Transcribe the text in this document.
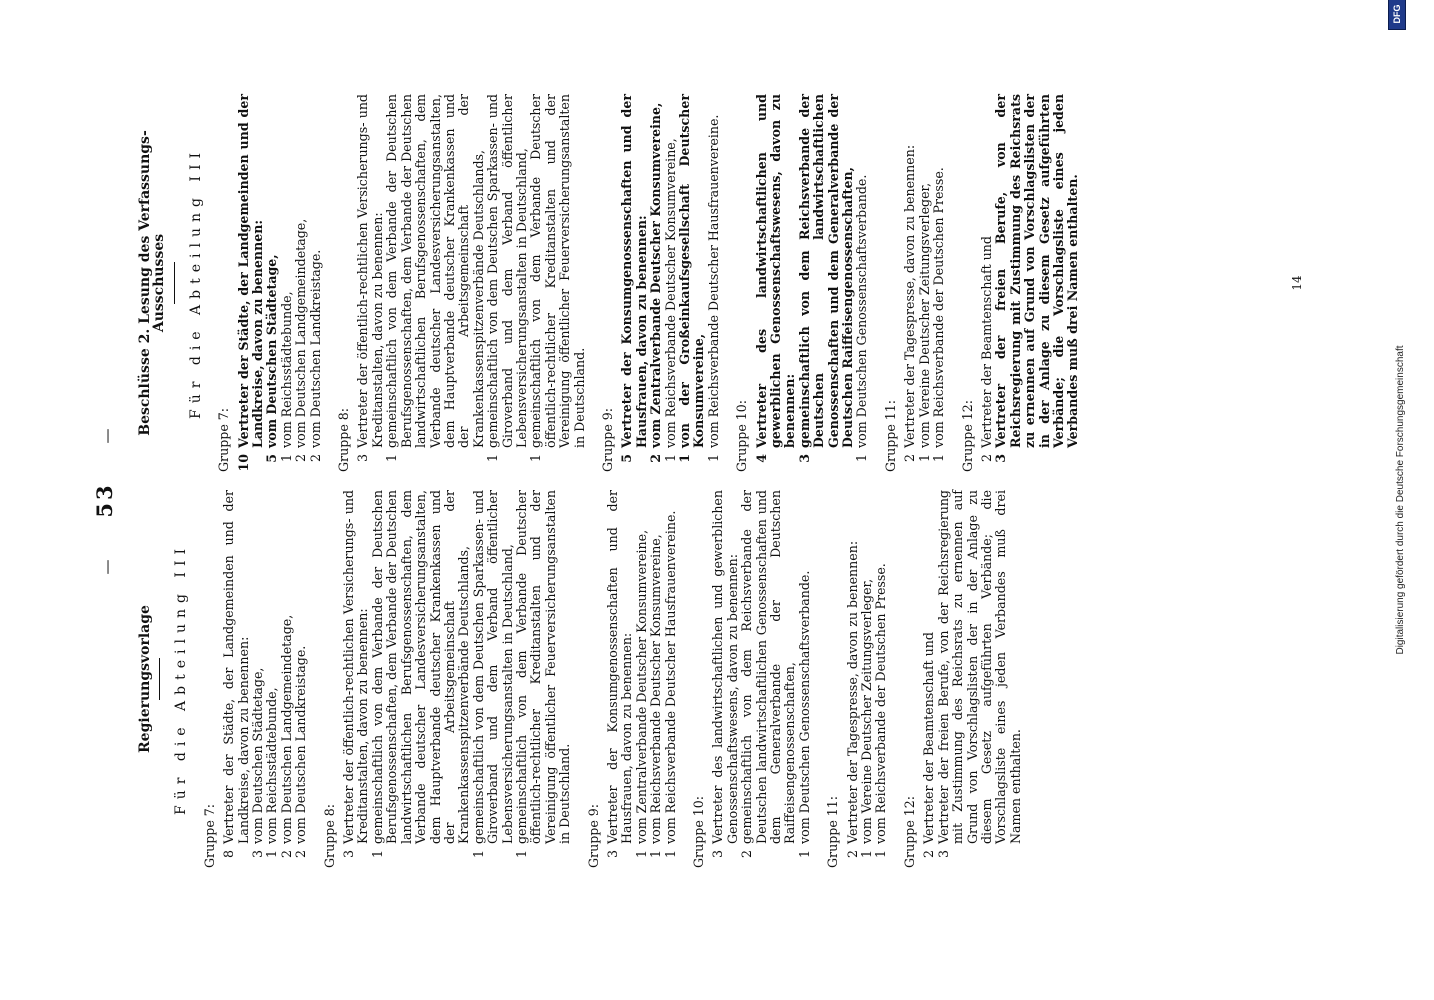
—     53     —
Regierungsvorlage Für die Abteilung III
Gruppe 7: 8
Vertreter der Städte, der Landgemeinden und der Landkreise, davon zu benennen:
3
vom Deutschen Städtetage,
1
vom Reichsstädtebunde,
2
vom Deutschen Landgemeindetage,
2
vom Deutschen Landkreistage. Gruppe 8: 3
Vertreter der öffentlich-rechtlichen Versicherungs- und Kreditanstalten, davon zu benennen:
1
gemeinschaftlich von dem Verbande der Deutschen Berufsgenossenschaften, dem Verbande der Deutschen landwirtschaftlichen Berufsgenossenschaften, dem Verbande deutscher Landesversicherungsanstalten, dem Hauptverbande deutscher Krankenkassen und der Arbeitsgemeinschaft der Krankenkassenspitzenverbände Deutschlands,
1
gemeinschaftlich von dem Deutschen Sparkassen- und Giroverband und dem Verband öffentlicher Lebensversicherungsanstalten in Deutschland,
1
gemeinschaftlich von dem Verbande Deutscher öffentlich-rechtlicher Kreditanstalten und der Vereinigung öffentlicher Feuerversicherungsanstalten in Deutschland. Gruppe 9: 3
Vertreter der Konsumgenossenschaften und der Hausfrauen, davon zu benennen:
1
vom Zentralverbande Deutscher Konsumvereine,
1
vom Reichsverbande Deutscher Konsumvereine,
1
vom Reichsverbande Deutscher Hausfrauenvereine. Gruppe 10: 3
Vertreter des landwirtschaftlichen und gewerblichen Genossenschaftswesens, davon zu benennen:
2
gemeinschaftlich von dem Reichsverbande der Deutschen landwirtschaftlichen Genossenschaften und dem Generalverbande der Deutschen Raiffeisengenossenschaften,
1
vom Deutschen Genossenschaftsverbande. Gruppe 11: 2
Vertreter der Tagespresse, davon zu benennen:
1
vom Vereine Deutscher Zeitungsverleger,
1
vom Reichsverbande der Deutschen Presse. Gruppe 12: 2
Vertreter der Beamtenschaft und
3
Vertreter der freien Berufe, von der Reichsregierung mit Zustimmung des Reichsrats zu ernennen auf Grund von Vorschlagslisten der in der Anlage zu diesem Gesetz aufgeführten Verbände; die Vorschlagsliste eines jeden Verbandes muß drei Namen enthalten.
Beschlüsse 2. Lesung des Verfassungs-Ausschusses Für die Abteilung III
Gruppe 7: 10
Vertreter der Städte, der Landgemeinden und der Landkreise, davon zu benennen:
5
vom Deutschen Städtetage,
1
vom Reichsstädtebunde,
2
vom Deutschen Landgemeindetage,
2
vom Deutschen Landkreistage. Gruppe 8: 3
Vertreter der öffentlich-rechtlichen Versicherungs- und Kreditanstalten, davon zu benennen:
1
gemeinschaftlich von dem Verbande der Deutschen Berufsgenossenschaften, dem Verbande der Deutschen landwirtschaftlichen Berufsgenossenschaften, dem Verbande deutscher Landesversicherungsanstalten, dem Hauptverbande deutscher Krankenkassen und der Arbeitsgemeinschaft der Krankenkassenspitzenverbände Deutschlands,
1
gemeinschaftlich von dem Deutschen Sparkassen- und Giroverband und dem Verband öffentlicher Lebensversicherungsanstalten in Deutschland,
1
gemeinschaftlich von dem Verbande Deutscher öffentlich-rechtlicher Kreditanstalten und der Vereinigung öffentlicher Feuerversicherungsanstalten in Deutschland. Gruppe 9: 5
Vertreter der Konsumgenossenschaften und der Hausfrauen, davon zu benennen:
2
vom Zentralverbande Deutscher Konsumvereine,
1
vom Reichsverbande Deutscher Konsumvereine,
1
von der Großeinkaufsgesellschaft Deutscher Konsumvereine,
1
vom Reichsverbande Deutscher Hausfrauenvereine. Gruppe 10: 4
Vertreter des landwirtschaftlichen und gewerblichen Genossenschaftswesens, davon zu benennen:
3
gemeinschaftlich von dem Reichsverbande der Deutschen landwirtschaftlichen Genossenschaften und dem Generalverbande der Deutschen Raiffeisengenossenschaften,
1
vom Deutschen Genossenschaftsverbande. Gruppe 11: 2
Vertreter der Tagespresse, davon zu benennen:
1
vom Vereine Deutscher Zeitungsverleger,
1
vom Reichsverbande der Deutschen Presse. Gruppe 12: 2
Vertreter der Beamtenschaft und
3
Vertreter der freien Berufe, von der Reichsregierung mit Zustimmung des Reichsrats zu ernennen auf Grund von Vorschlagslisten der in der Anlage zu diesem Gesetz aufgeführten Verbände; die Vorschlagsliste eines jeden Verbandes muß drei Namen enthalten.	14
Digitalisierung gefördert durch die Deutsche Forschungsgemeinschaft
DFG
